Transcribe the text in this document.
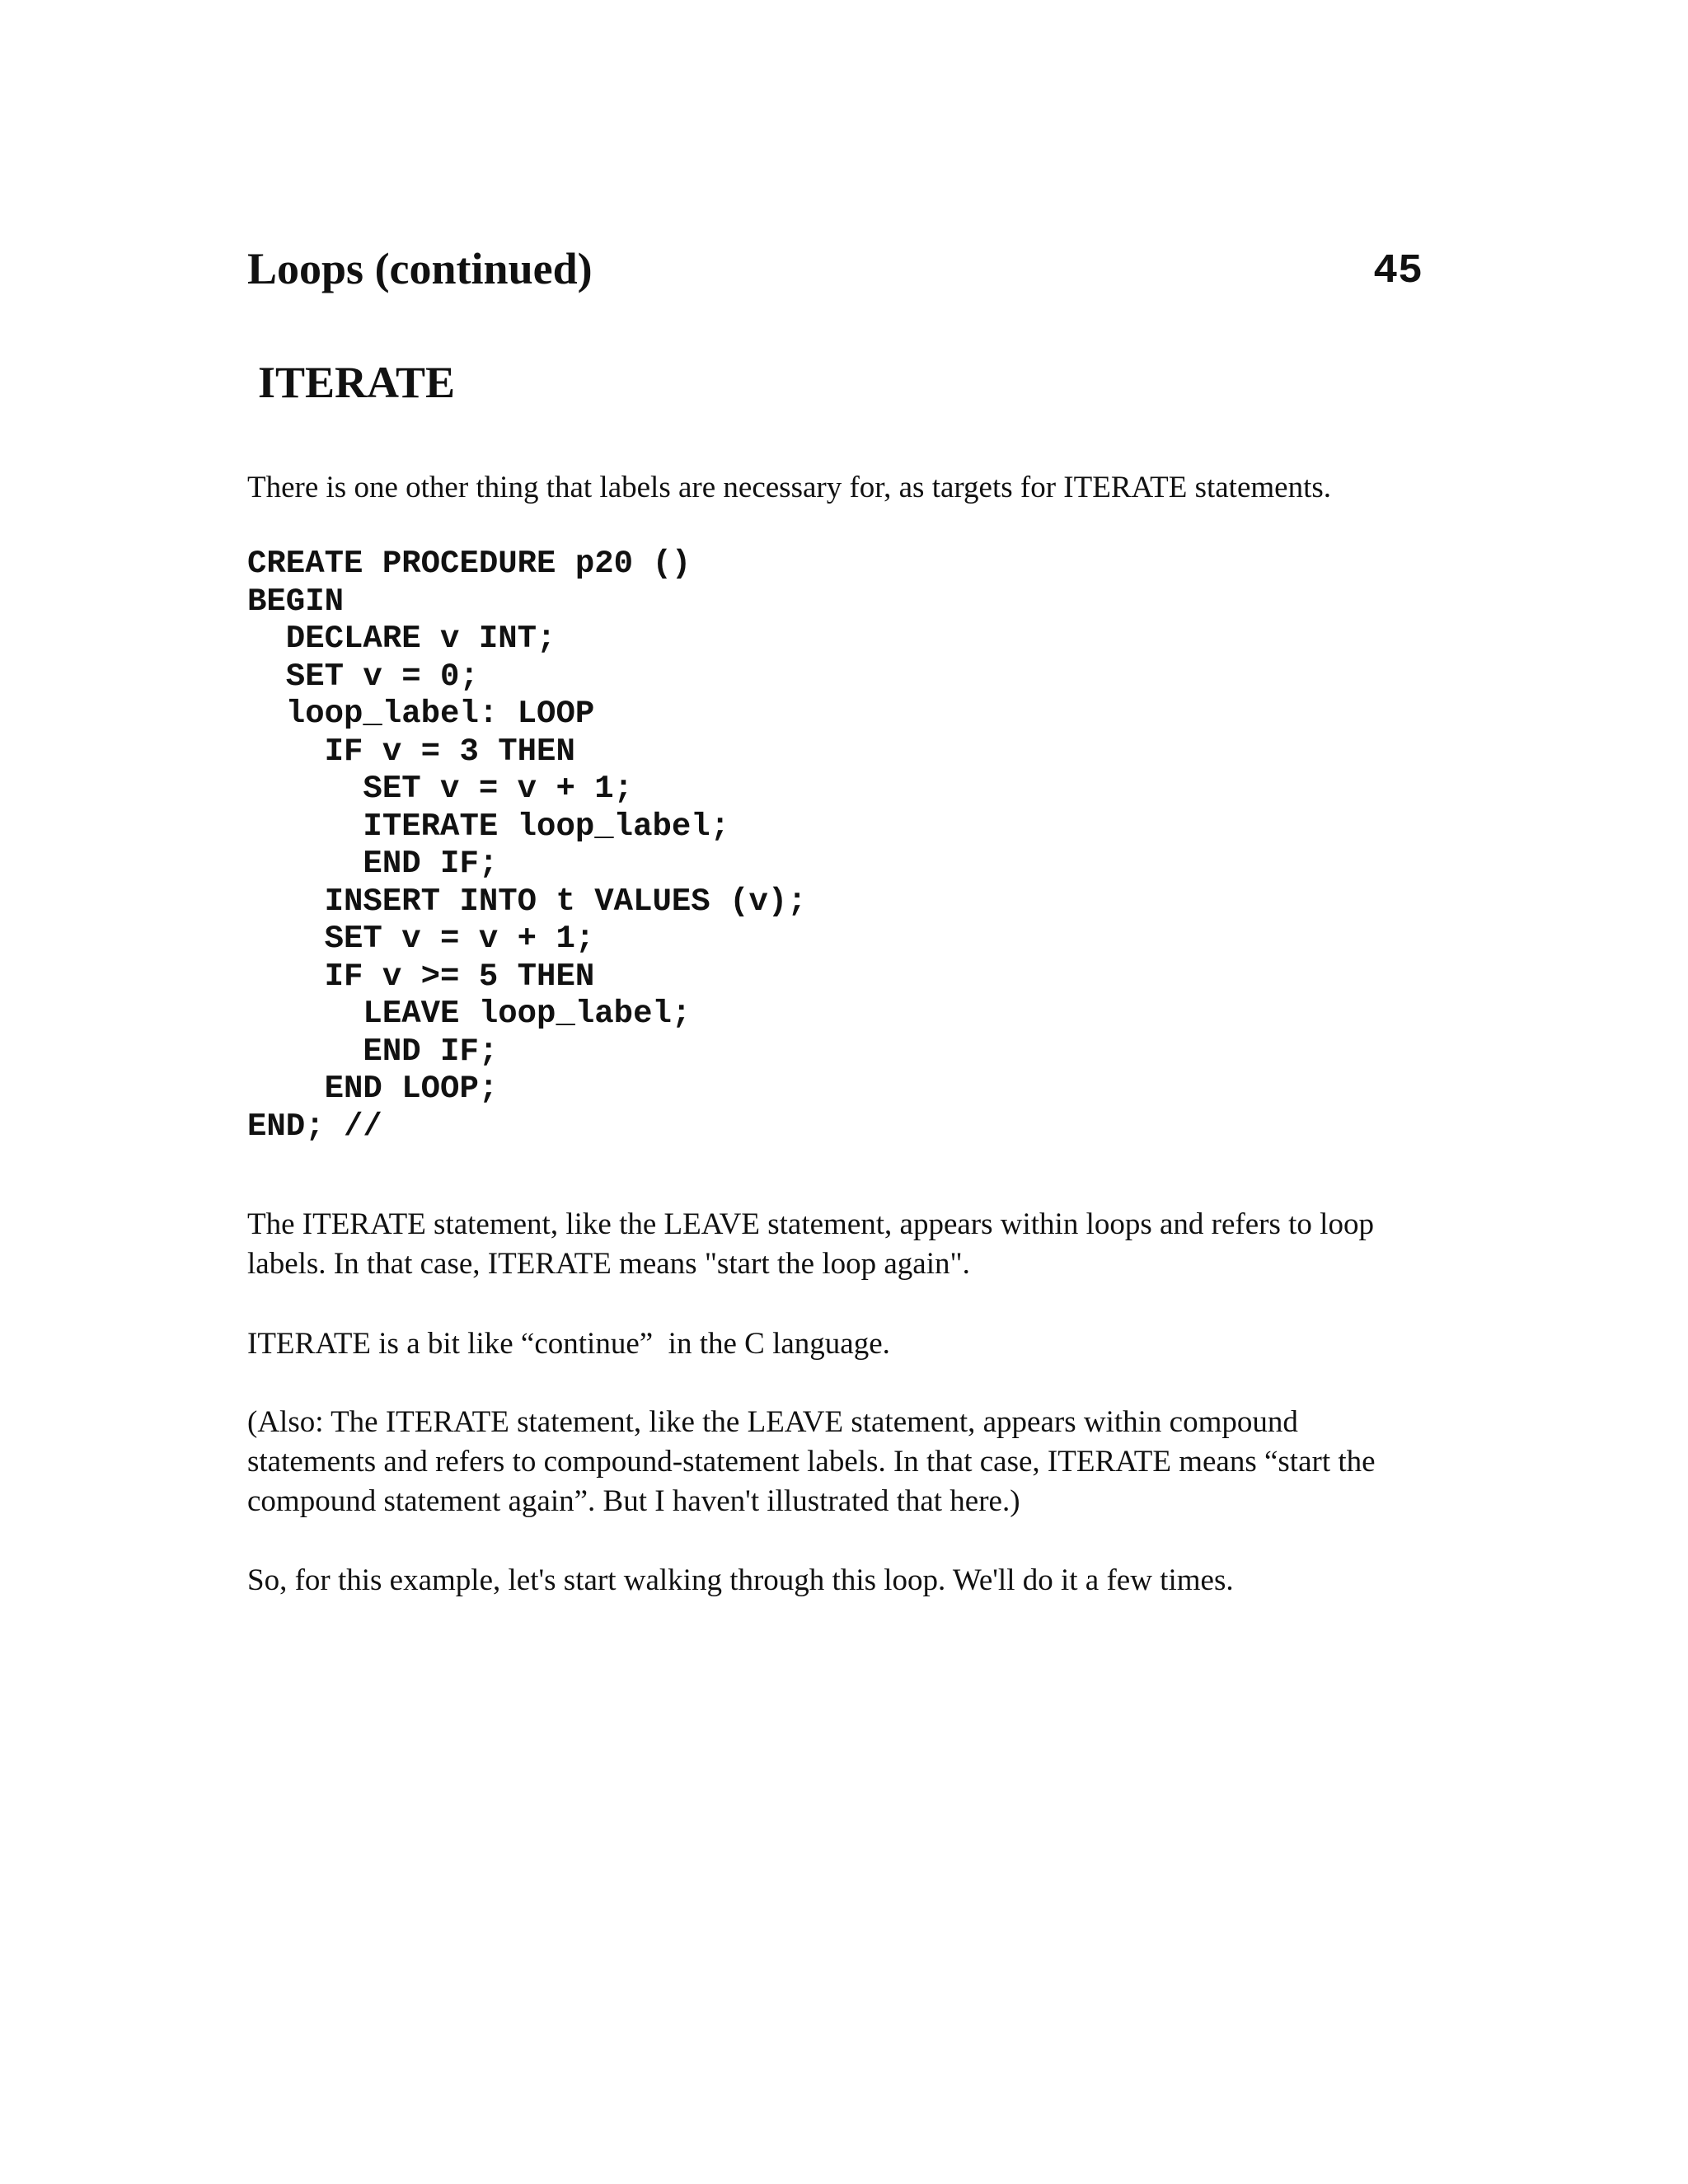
Loops (continued)	45
ITERATE

There is one other thing that labels are necessary for, as targets for ITERATE statements.

CREATE PROCEDURE p20 ()
BEGIN
DECLARE v INT;
SET v = 0;
loop_label: LOOP
IF v = 3 THEN
SET v = v + 1;
ITERATE loop_label;
END IF;
INSERT INTO t VALUES (v);
SET v = v + 1;
IF v >= 5 THEN
LEAVE loop_label;
END IF;
END LOOP;
END; //

The ITERATE statement, like the LEAVE statement, appears within loops and refers to loop labels. In that case, ITERATE means "start the loop again".

ITERATE is a bit like “continue”  in the C language.

(Also: The ITERATE statement, like the LEAVE statement, appears within compound statements and refers to compound-statement labels. In that case, ITERATE means “start the compound statement again”. But I haven't illustrated that here.)

So, for this example, let's start walking through this loop. We'll do it a few times.
